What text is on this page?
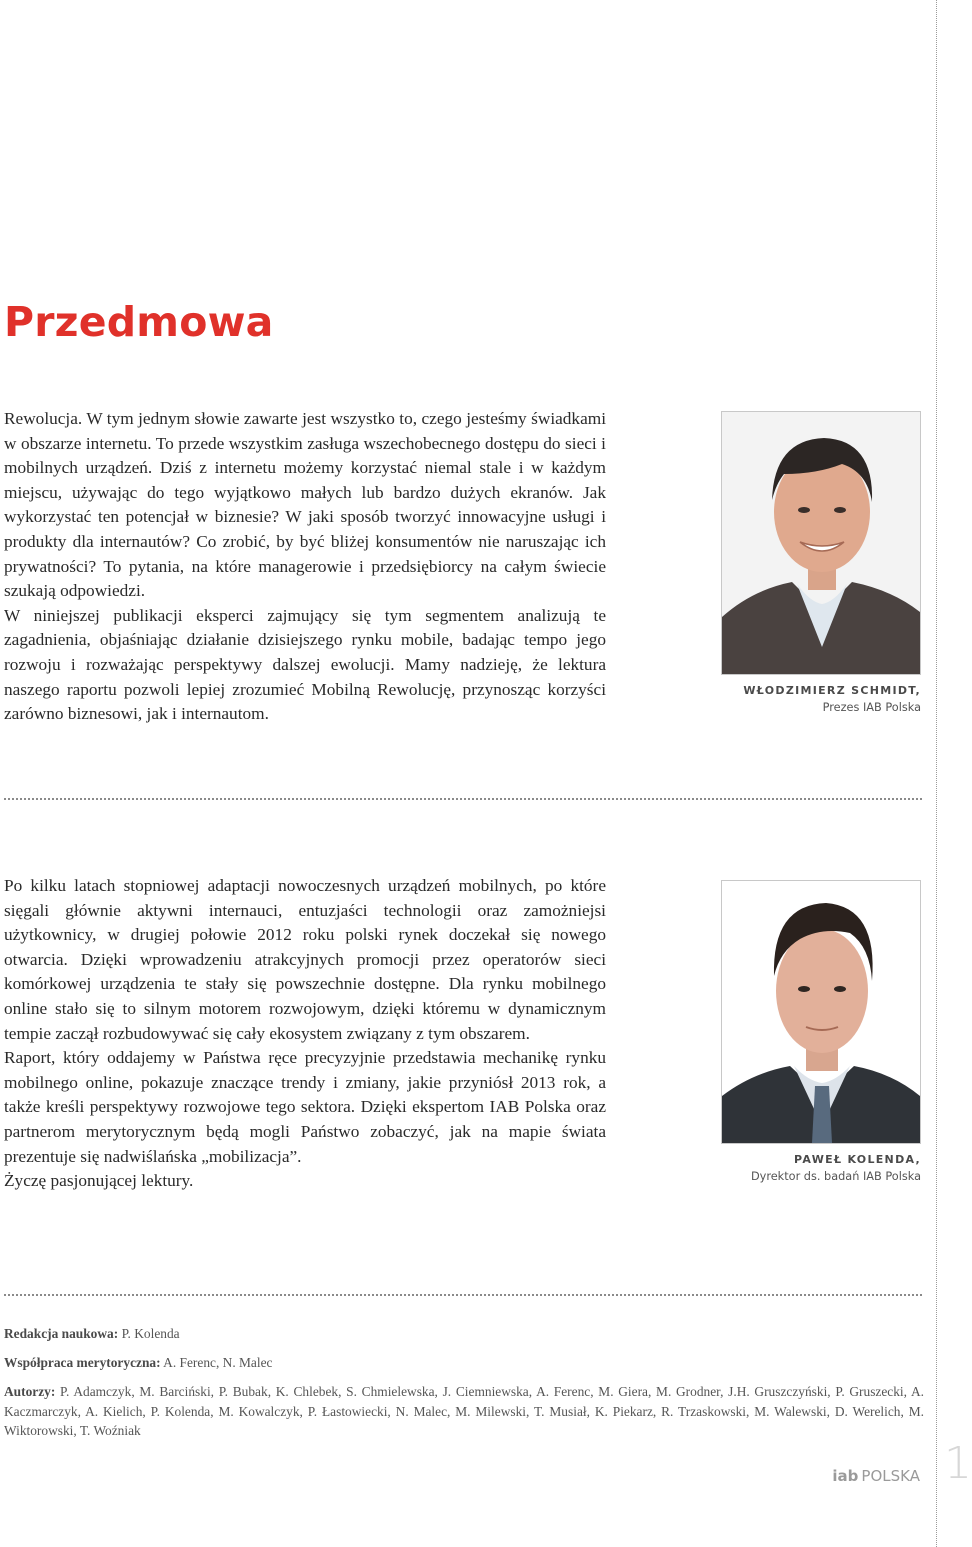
Przedmowa

Rewolucja. W tym jednym słowie zawarte jest wszystko to, czego jesteśmy świadkami w obszarze internetu. To przede wszystkim zasługa wszechobecnego dostępu do sieci i mobilnych urządzeń. Dziś z internetu możemy korzystać niemal stale i w każdym miejscu, używając do tego wyjątkowo małych lub bardzo dużych ekranów. Jak wykorzystać ten potencjał w biznesie? W jaki sposób tworzyć innowacyjne usługi i produkty dla internautów? Co zrobić, by być bliżej konsumentów nie naruszając ich prywatności? To pytania, na które managerowie i przedsiębiorcy na całym świecie szukają odpowiedzi.

W niniejszej publikacji eksperci zajmujący się tym segmentem analizują te zagadnienia, objaśniając działanie dzisiejszego rynku mobile, badając tempo jego rozwoju i rozważając perspektywy dalszej ewolucji. Mamy nadzieję, że lektura naszego raportu pozwoli lepiej zrozumieć Mobilną Rewolucję, przynosząc korzyści zarówno biznesowi, jak i internautom.

WŁODZIMIERZ SCHMIDT,
Prezes IAB Polska

Po kilku latach stopniowej adaptacji nowoczesnych urządzeń mobilnych, po które sięgali głównie aktywni internauci, entuzjaści technologii oraz zamożniejsi użytkownicy, w drugiej połowie 2012 roku polski rynek doczekał się nowego otwarcia. Dzięki wprowadzeniu atrakcyjnych promocji przez operatorów sieci komórkowej urządzenia te stały się powszechnie dostępne. Dla rynku mobilnego online stało się to silnym motorem rozwojowym, dzięki któremu w dynamicznym tempie zaczął rozbudowywać się cały ekosystem związany z tym obszarem.

Raport, który oddajemy w Państwa ręce precyzyjnie przedstawia mechanikę rynku mobilnego online, pokazuje znaczące trendy i zmiany, jakie przyniósł 2013 rok, a także kreśli perspektywy rozwojowe tego sektora. Dzięki ekspertom IAB Polska oraz partnerom merytorycznym będą mogli Państwo zobaczyć, jak na mapie świata prezentuje się nadwiślańska „mobilizacja”.

Życzę pasjonującej lektury.

PAWEŁ KOLENDA,
Dyrektor ds. badań IAB Polska
Redakcja naukowa: P. Kolenda
Współpraca merytoryczna: A. Ferenc, N. Malec
Autorzy: P. Adamczyk, M. Barciński, P. Bubak, K. Chlebek, S. Chmielewska, J. Ciemniewska, A. Ferenc, M. Giera, M. Grodner, J.H. Gruszczyński, P. Gruszecki, A. Kaczmarczyk, A. Kielich, P. Kolenda, M. Kowalczyk, P. Łastowiecki, N. Malec, M. Milewski, T. Musiał, K. Piekarz, R. Trzaskowski, M. Walewski, D. Werelich, M. Wiktorowski, T. Woźniak
iab POLSKA 1
